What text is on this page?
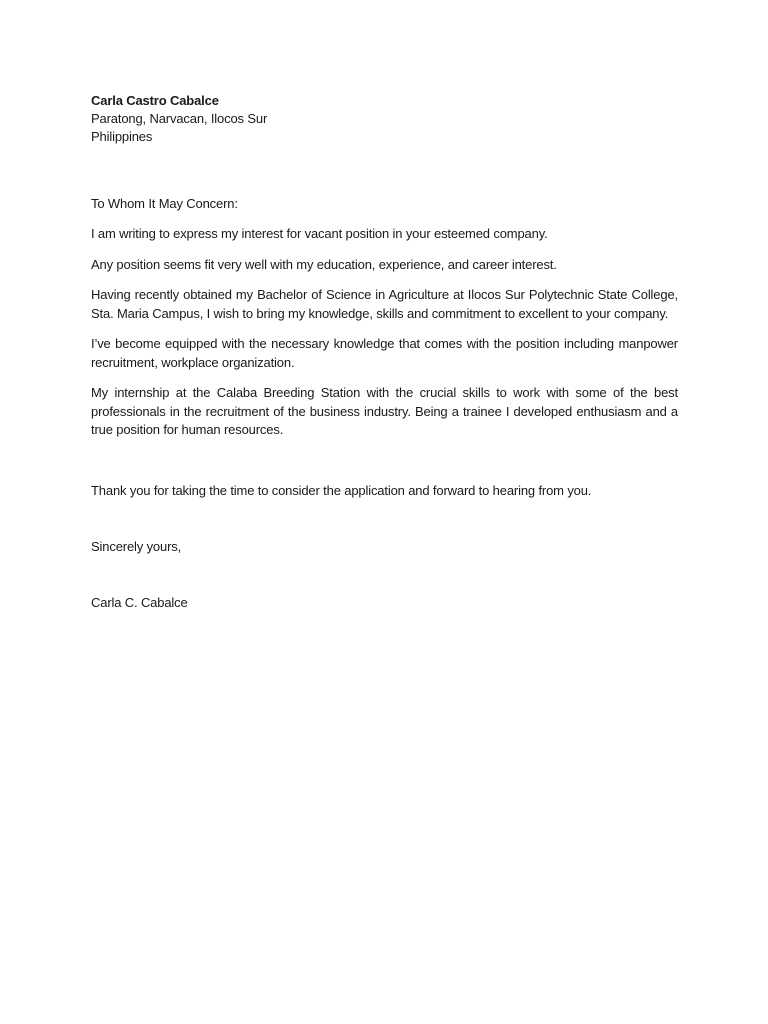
Carla Castro Cabalce
Paratong, Narvacan, Ilocos Sur
Philippines
To Whom It May Concern:
I am writing to express my interest for vacant position in your esteemed company.
Any position seems fit very well with my education, experience, and career interest.
Having recently obtained my Bachelor of Science in Agriculture at Ilocos Sur Polytechnic State College, Sta. Maria Campus, I wish to bring my knowledge, skills and commitment to excellent to your company.
I’ve become equipped with the necessary knowledge that comes with the position including manpower recruitment, workplace organization.
My internship at the Calaba Breeding Station with the crucial skills to work with some of the best professionals in the recruitment of the business industry. Being a trainee I developed enthusiasm and a true position for human resources.
Thank you for taking the time to consider the application and forward to hearing from you.
Sincerely yours,
Carla C. Cabalce
